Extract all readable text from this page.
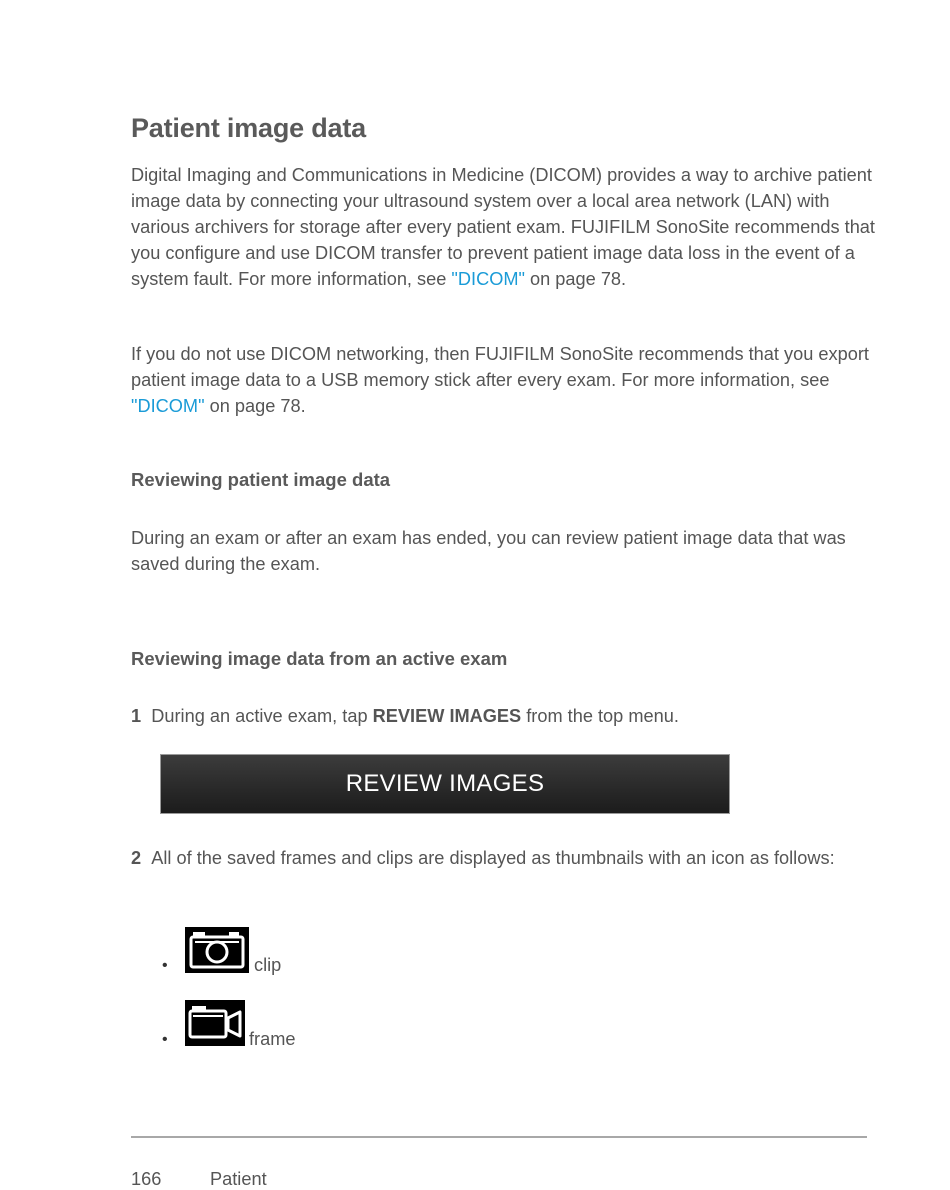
Patient image data

Digital Imaging and Communications in Medicine (DICOM) provides a way to archive patient image data by connecting your ultrasound system over a local area network (LAN) with various archivers for storage after every patient exam. FUJIFILM SonoSite recommends that you configure and use DICOM transfer to prevent patient image data loss in the event of a system fault. For more information, see "DICOM" on page 78.

If you do not use DICOM networking, then FUJIFILM SonoSite recommends that you export patient image data to a USB memory stick after every exam. For more information, see "DICOM" on page 78.

Reviewing patient image data

During an exam or after an exam has ended, you can review patient image data that was saved during the exam.

Reviewing image data from an active exam

1 During an active exam, tap REVIEW IMAGES from the top menu.

REVIEW IMAGES

2 All of the saved frames and clips are displayed as thumbnails with an icon as follows:

•	clip
•	frame
166	Patient
